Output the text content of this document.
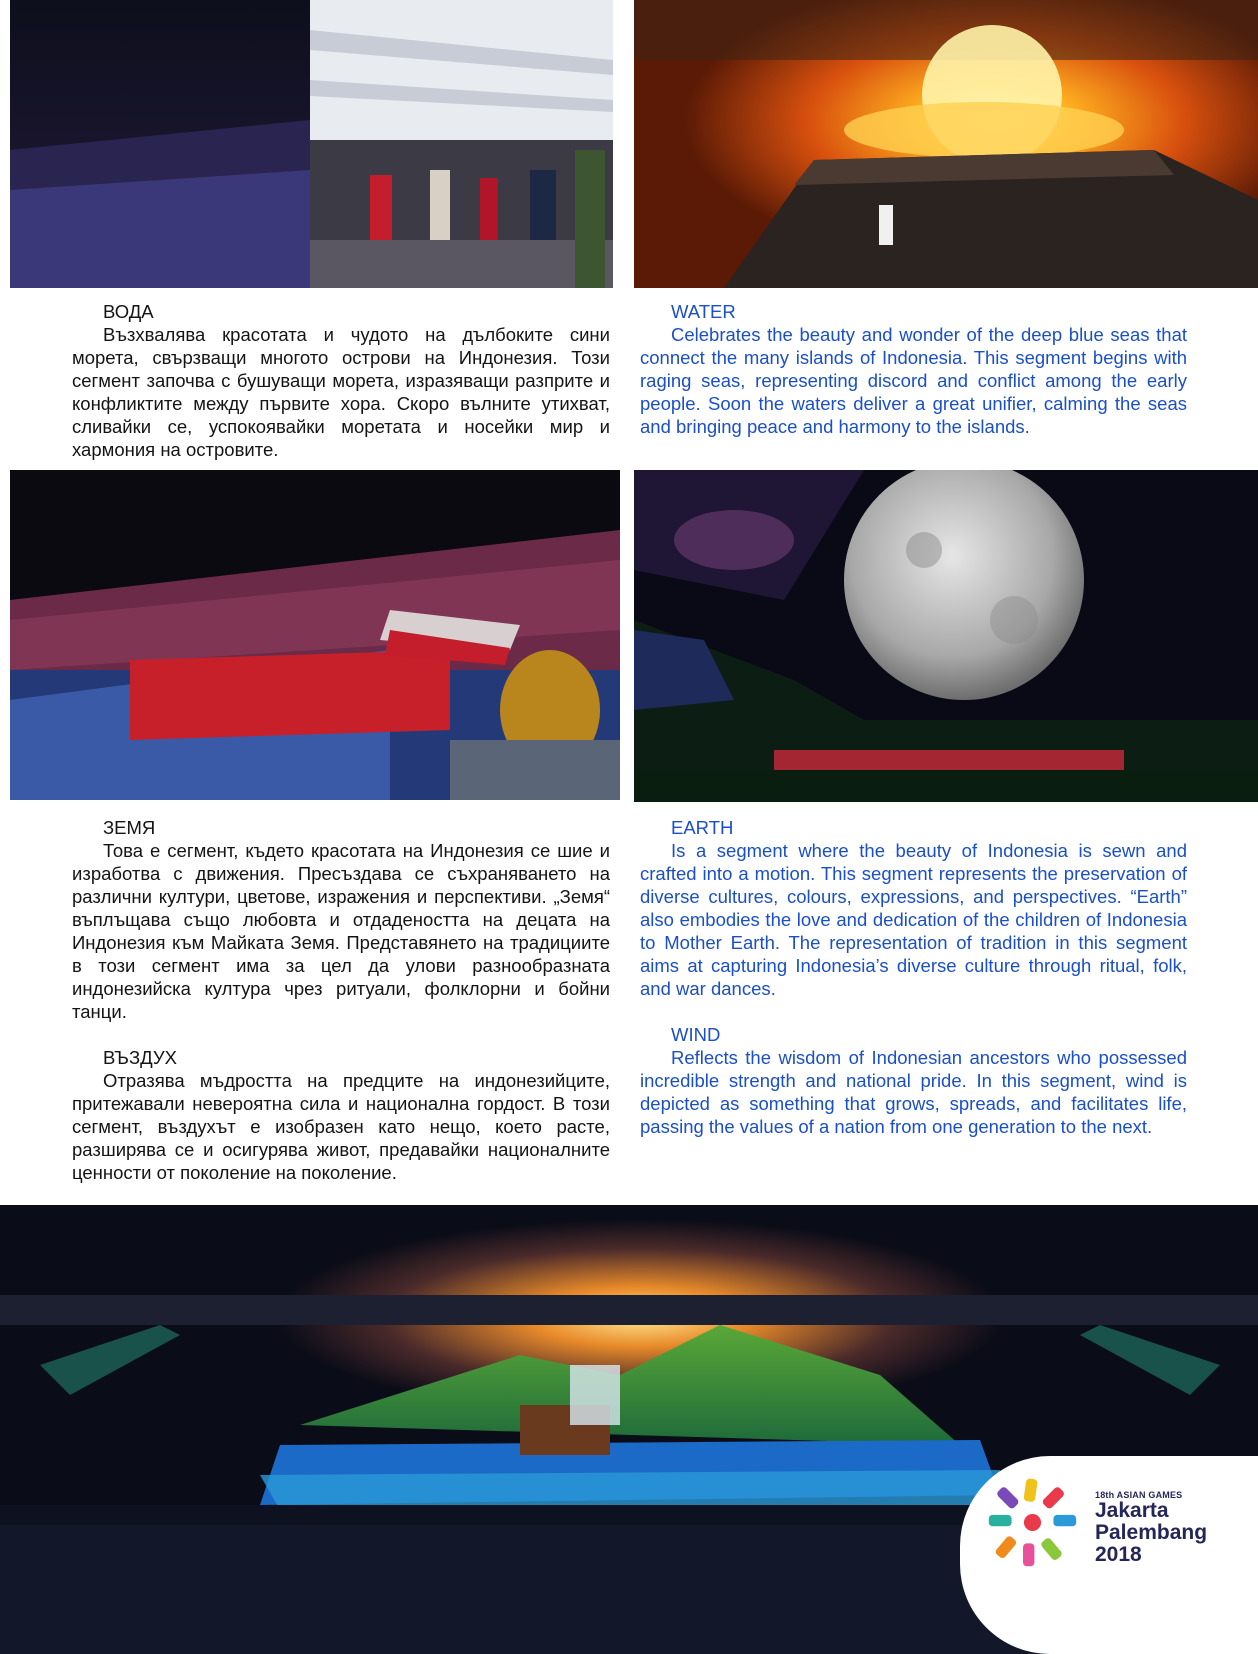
ВОДА

Възхвалява красотата и чудото на дълбоките сини морета, свързващи многото острови на Индонезия. Този сегмент започва с бушуващи морета, изразяващи разприте и конфликтите между първите хора. Скоро вълните утихват, сливайки се, успокоявайки моретата и носейки мир и хармония на островите.

WATER

Celebrates the beauty and wonder of the deep blue seas that connect the many islands of Indonesia. This segment begins with raging seas, representing discord and conflict among the early people. Soon the waters deliver a great unifier, calming the seas and bringing peace and harmony to the islands.

ЗЕМЯ

Това е сегмент, където красотата на Индонезия се шие и изработва с движения. Пресъздава се съхраняването на различни култури, цветове, изражения и перспективи. „Земя“ въплъщава също любовта и отдадеността на децата на Индонезия към Майката Земя. Представянето на традициите в този сегмент има за цел да улови разнообразната индонезийска култура чрез ритуали, фолклорни и бойни танци.

EARTH

Is a segment where the beauty of Indonesia is sewn and crafted into a motion. This segment represents the preservation of diverse cultures, colours, expressions, and perspectives. “Earth” also embodies the love and dedication of the children of Indonesia to Mother Earth. The representation of tradition in this segment aims at capturing Indonesia’s diverse culture through ritual, folk, and war dances.

ВЪЗДУХ

Отразява мъдростта на предците на индонезийците, притежавали невероятна сила и национална гордост. В този сегмент, въздухът е изобразен като нещо, което расте, разширява се и осигурява живот, предавайки националните ценности от поколение на поколение.

WIND

Reflects the wisdom of Indonesian ancestors who possessed incredible strength and national pride. In this segment, wind is depicted as something that grows, spreads, and facilitates life, passing the values of a nation from one generation to the next.

18th ASIAN GAMES
Jakarta
Palembang
2018
